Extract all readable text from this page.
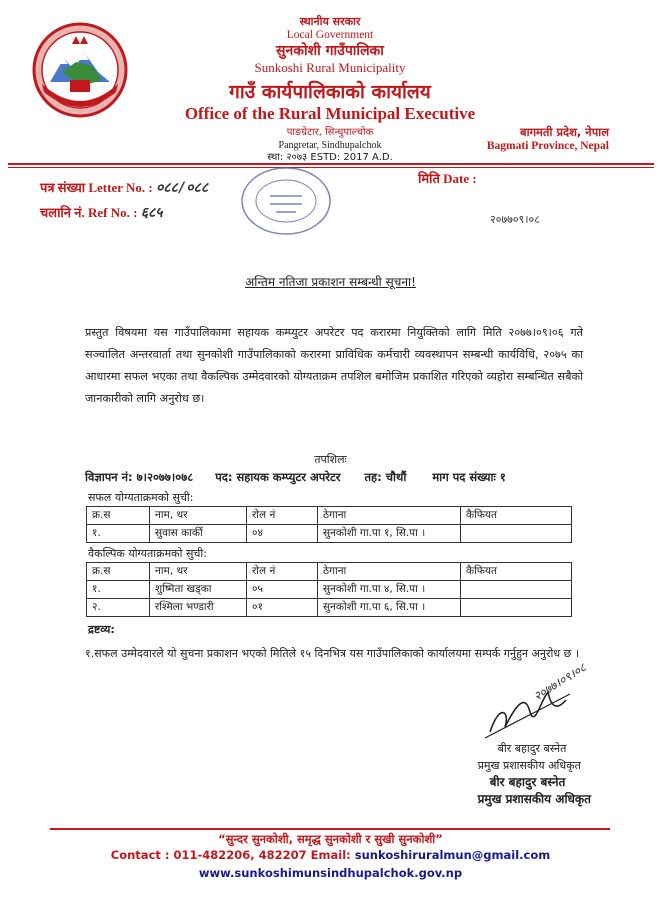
स्थानीय सरकार
Local Government
सुनकोशी गाउँपालिका
Sunkoshi Rural Municipality
गाउँ कार्यपालिकाको कार्यालय
Office of the Rural Municipal Executive
पाङग्रेटार, सिन्धुपाल्चोक
Pangretar, Sindhupalchok
स्था: २०७३ ESTD: 2017 A.D.
बागमती प्रदेश, नेपाल
Bagmati Province, Nepal
पत्र संख्या Letter No. : ०८८/०८८
चलानि नं. Ref No. : ६८५
मिति Date :
२०७७०९।०८
अन्तिम नतिजा प्रकाशन सम्बन्धी सूचना!
प्रस्तुत विषयमा यस गाउँपालिकामा सहायक कम्प्युटर अपरेटर पद करारमा नियुक्तिको लागि मिति २०७७।०९।०६ गते सञ्चालित अन्तरवार्ता तथा सुनकोशी गाउँपालिकाको करारमा प्राविधिक कर्मचारी व्यवस्थापन सम्बन्धी कार्यविधि, २०७५ का आधारमा सफल भएका तथा वैकल्पिक उम्मेदवारको योग्यताक्रम तपशिल बमोजिम प्रकाशित गरिएको व्यहोरा सम्बन्धित सबैको जानकारीको लागि अनुरोध छ।
तपशिलः
विज्ञापन नं: ७।२०७७।०७८ पद: सहायक कम्प्युटर अपरेटर तह: चौथौं माग पद संख्याः १
सफल योग्यताक्रमको सुची:
क्र.स	नाम, थर	रोल नं	ठेगाना	कैफियत
१.	सुवास कार्की	०४	सुनकोशी गा.पा १, सि.पा ।	
वैकल्पिक योग्यताक्रमको सुची:
क्र.स	नाम, थर	रोल नं	ठेगाना	कैफियत
१.	शुष्मिता खड्का	०५	सुनकोशी गा.पा ४, सि.पा ।	
२.	रश्मिला भण्डारी	०१	सुनकोशी गा.पा ६, सि.पा ।	
द्रष्टव्य:
१.सफल उम्मेदवारले यो सुचना प्रकाशन भएको मितिले १५ दिनभित्र यस गाउँपालिकाको कार्यालयमा सम्पर्क गर्नुहुन अनुरोध छ ।
२०७७।०९।०८
बीर बहादुर बस्नेत
प्रमुख प्रशासकीय अधिकृत
बीर बहादुर बस्नेत
प्रमुख प्रशासकीय अधिकृत
“सुन्दर सुनकोशी, समृद्ध सुनकोशी र सुखी सुनकोशी”
Contact : 011-482206, 482207 Email: sunkoshiruralmun@gmail.com
www.sunkoshimunsindhupalchok.gov.np
